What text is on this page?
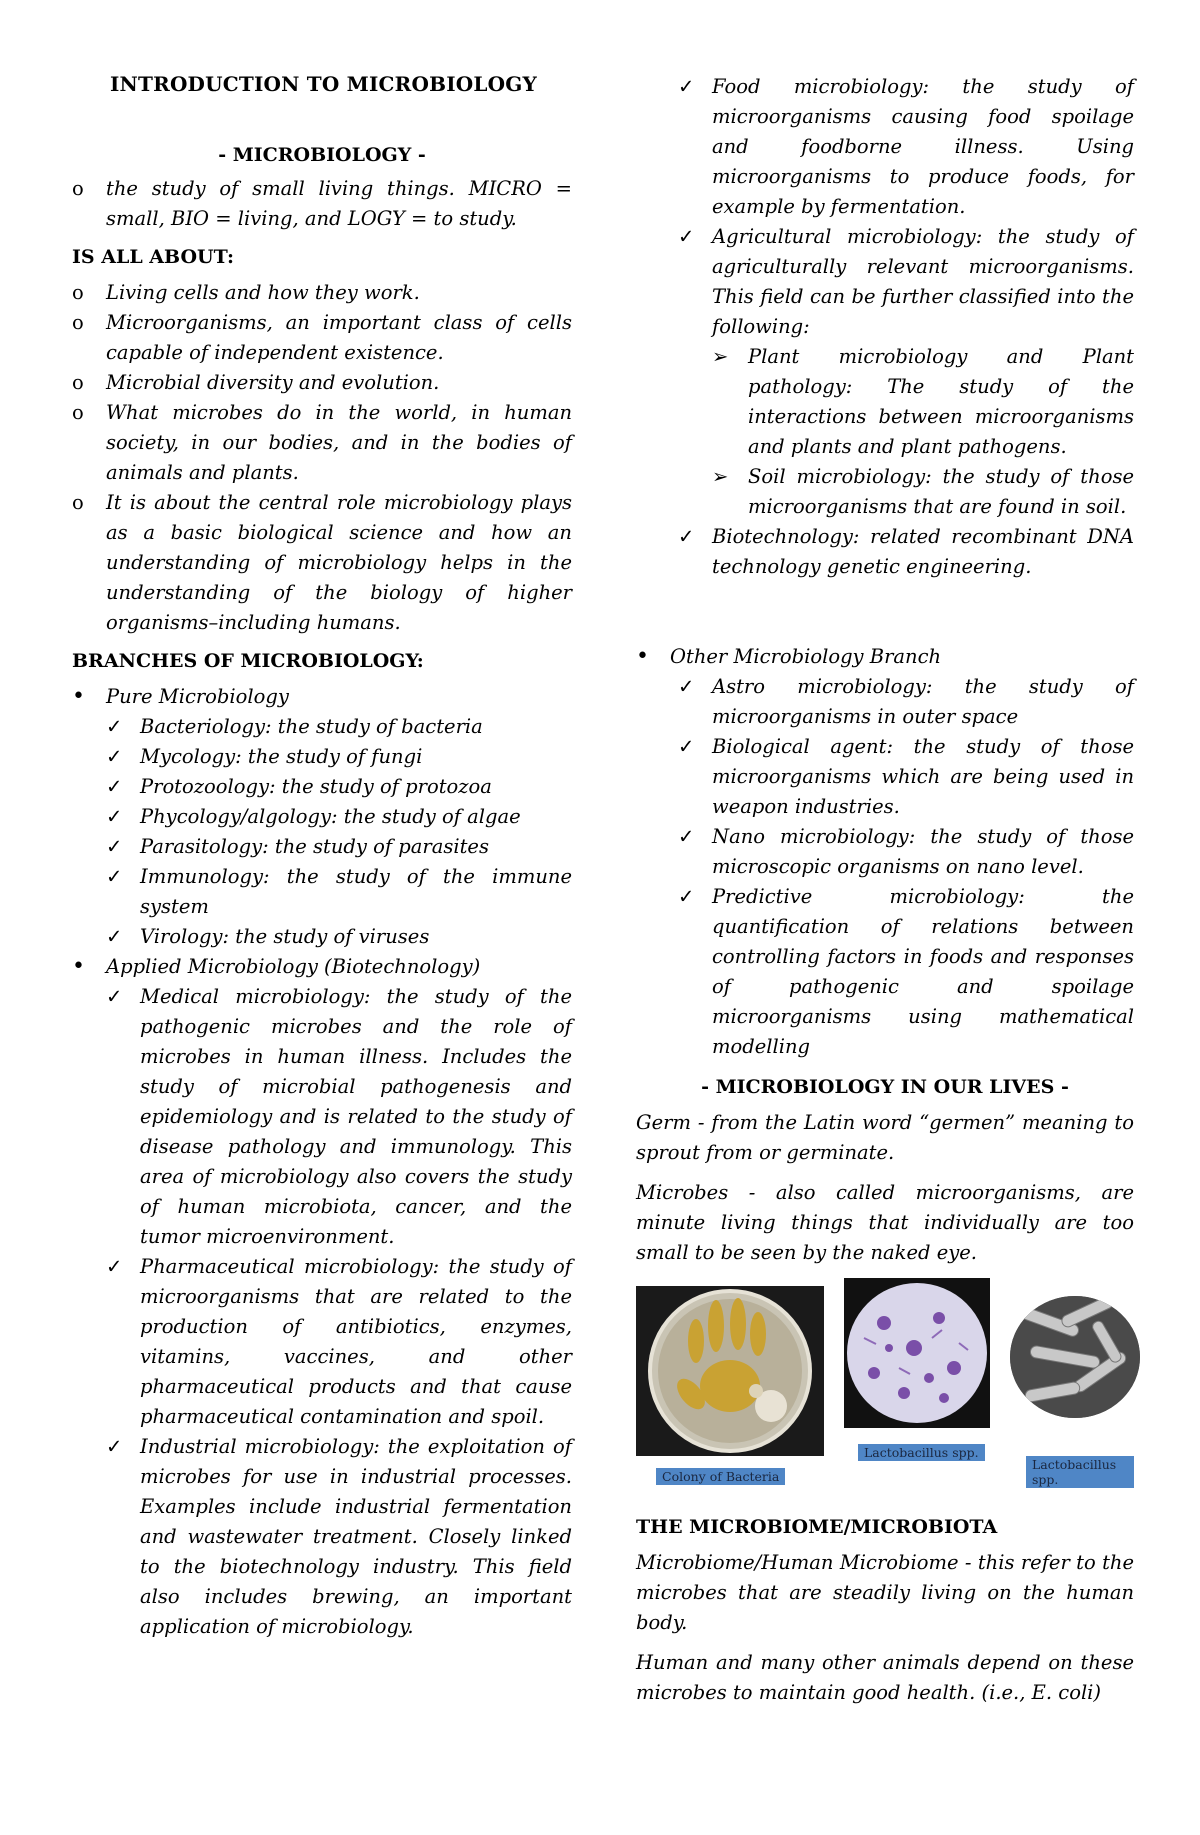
INTRODUCTION TO MICROBIOLOGY
- MICROBIOLOGY -
o	the study of small living things. MICRO = small, BIO = living, and LOGY = to study.
IS ALL ABOUT:
o	Living cells and how they work.
o	Microorganisms, an important class of cells capable of independent existence.
o	Microbial diversity and evolution.
o	What microbes do in the world, in human society, in our bodies, and in the bodies of animals and plants.
o	It is about the central role microbiology plays as a basic biological science and how an understanding of microbiology helps in the understanding of the biology of higher organisms–including humans.
BRANCHES OF MICROBIOLOGY:
•	Pure Microbiology
✓ Bacteriology: the study of bacteria
✓ Mycology: the study of fungi
✓ Protozoology: the study of protozoa
✓ Phycology/algology: the study of algae
✓ Parasitology: the study of parasites
✓ Immunology: the study of the immune system
✓ Virology: the study of viruses
•	Applied Microbiology (Biotechnology)
✓ Medical microbiology: the study of the pathogenic microbes and the role of microbes in human illness. Includes the study of microbial pathogenesis and epidemiology and is related to the study of disease pathology and immunology. This area of microbiology also covers the study of human microbiota, cancer, and the tumor microenvironment.
✓ Pharmaceutical microbiology: the study of microorganisms that are related to the production of antibiotics, enzymes, vitamins, vaccines, and other pharmaceutical products and that cause pharmaceutical contamination and spoil.
✓ Industrial microbiology: the exploitation of microbes for use in industrial processes. Examples include industrial fermentation and wastewater treatment. Closely linked to the biotechnology industry. This field also includes brewing, an important application of microbiology.
✓ Food microbiology: the study of microorganisms causing food spoilage and foodborne illness. Using microorganisms to produce foods, for example by fermentation.
✓ Agricultural microbiology: the study of agriculturally relevant microorganisms. This field can be further classified into the following:
➢	Plant microbiology and Plant pathology: The study of the interactions between microorganisms and plants and plant pathogens.
➢	Soil microbiology: the study of those microorganisms that are found in soil.
✓ Biotechnology: related recombinant DNA technology genetic engineering.
•	Other Microbiology Branch
✓ Astro microbiology: the study of microorganisms in outer space
✓ Biological agent: the study of those microorganisms which are being used in weapon industries.
✓ Nano microbiology: the study of those microscopic organisms on nano level.
✓ Predictive microbiology: the quantification of relations between controlling factors in foods and responses of pathogenic and spoilage microorganisms using mathematical modelling
- MICROBIOLOGY IN OUR LIVES -

Germ - from the Latin word “germen” meaning to sprout from or germinate.

Microbes - also called microorganisms, are minute living things that individually are too small to be seen by the naked eye.

Colony of Bacteria
Lactobacillus spp.
Lactobacillus spp.
THE MICROBIOME/MICROBIOTA

Microbiome/Human Microbiome - this refer to the microbes that are steadily living on the human body.

Human and many other animals depend on these microbes to maintain good health. (i.e., E. coli)
